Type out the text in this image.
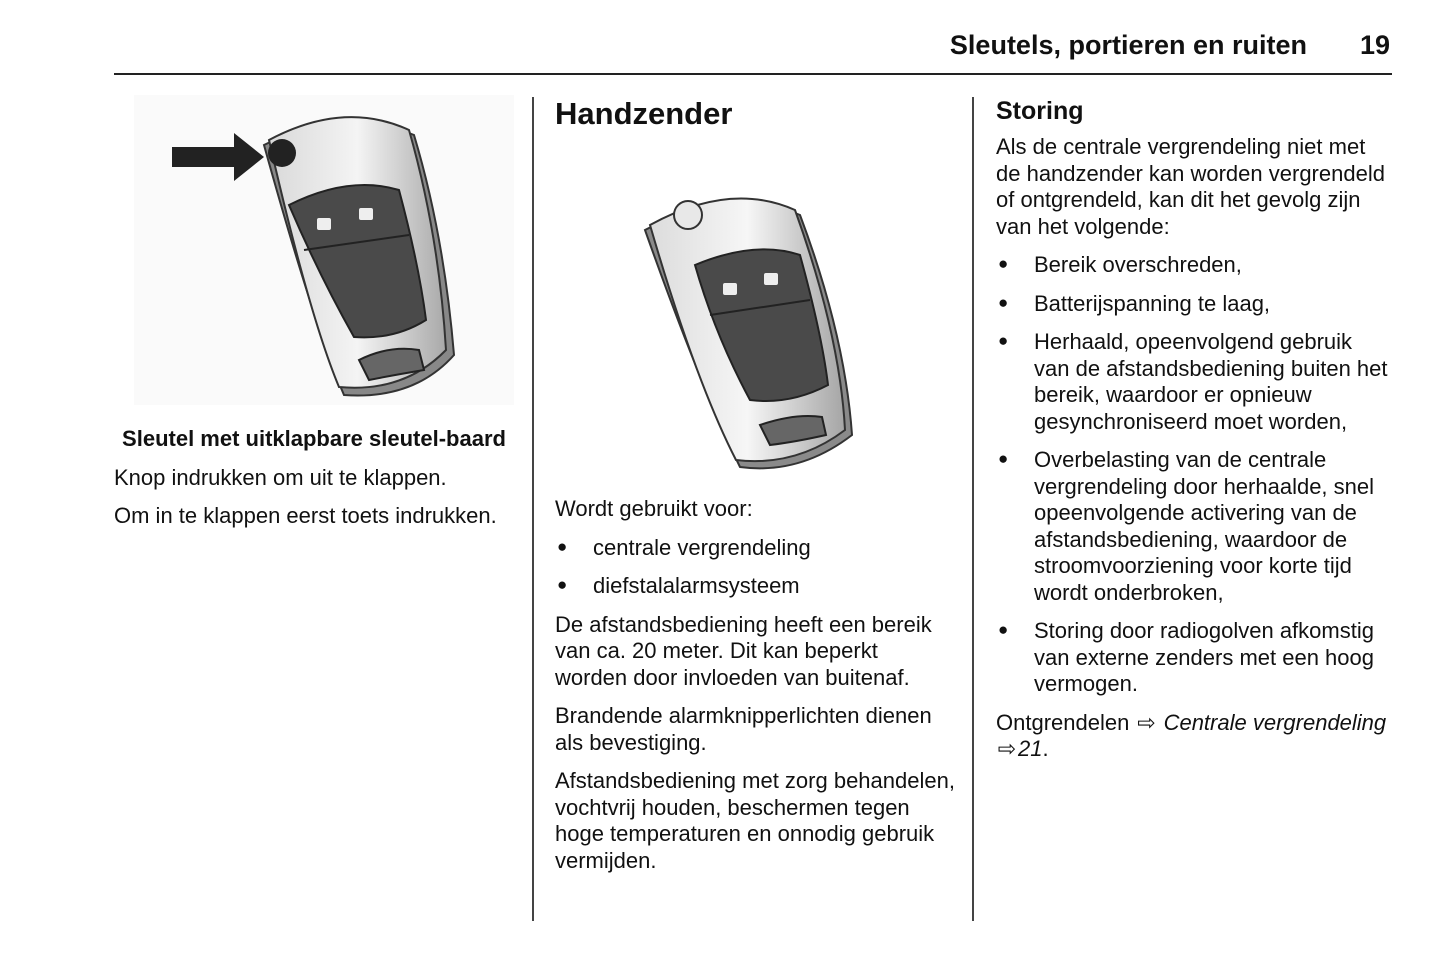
Sleutels, portieren en ruiten 19

Sleutel met uitklapbare sleutel-baard

Knop indrukken om uit te klappen.

Om in te klappen eerst toets indrukken.

Handzender

Wordt gebruikt voor:

● centrale vergrendeling
● diefstalalarmsysteem

De afstandsbediening heeft een bereik van ca. 20 meter. Dit kan beperkt worden door invloeden van buitenaf.

Brandende alarmknipperlichten dienen als bevestiging.

Afstandsbediening met zorg behandelen, vochtvrij houden, beschermen tegen hoge temperaturen en onnodig gebruik vermijden.

Storing

Als de centrale vergrendeling niet met de handzender kan worden vergrendeld of ontgrendeld, kan dit het gevolg zijn van het volgende:

● Bereik overschreden,
● Batterijspanning te laag,
● Herhaald, opeenvolgend gebruik van de afstandsbediening buiten het bereik, waardoor er opnieuw gesynchroniseerd moet worden,
● Overbelasting van de centrale vergrendeling door herhaalde, snel opeenvolgende activering van de afstandsbediening, waardoor de stroomvoorziening voor korte tijd wordt onderbroken,
● Storing door radiogolven afkomstig van externe zenders met een hoog vermogen.

Ontgrendelen ⇨ Centrale vergrendeling ⇨21.
